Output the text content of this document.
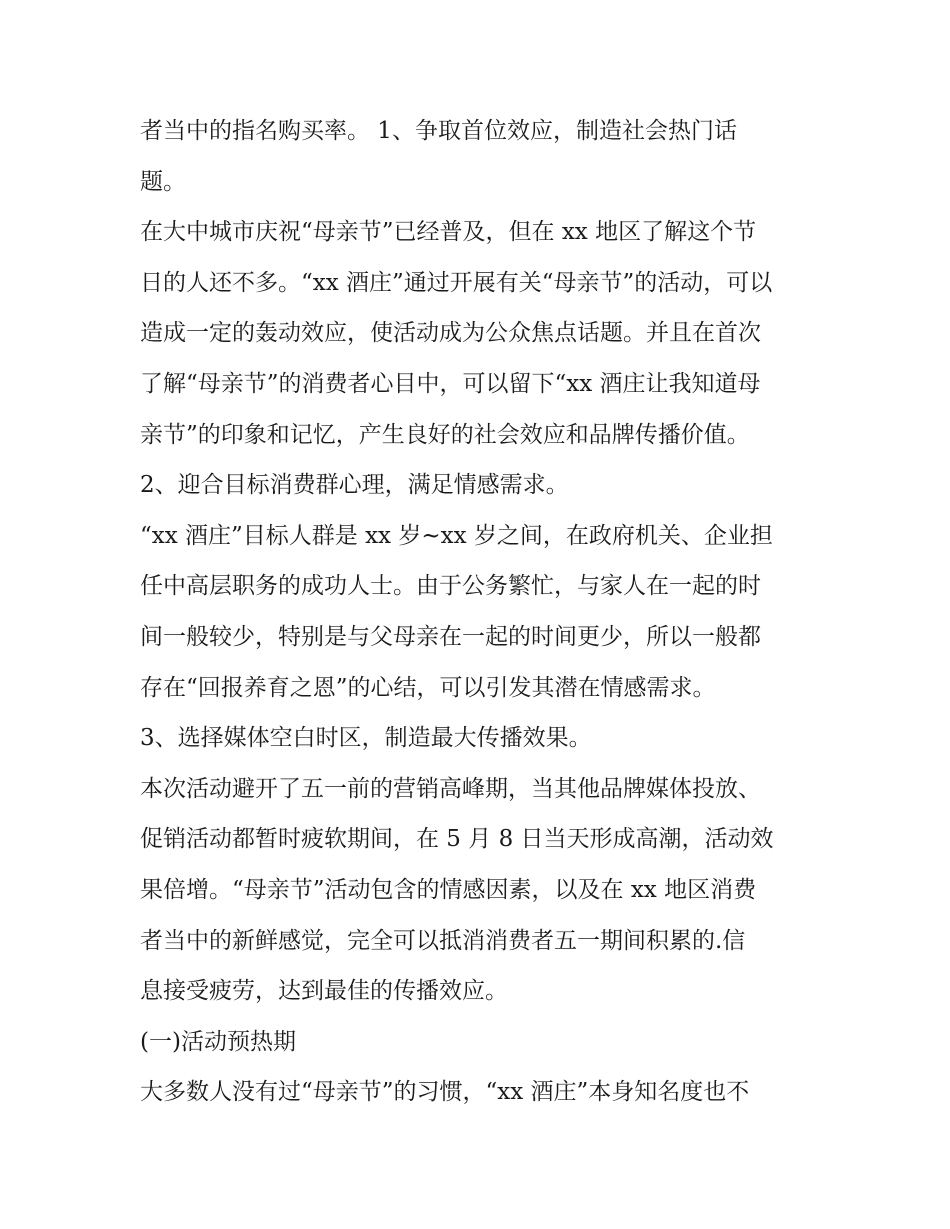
者当中的指名购买率。 1、争取首位效应，制造社会热门话

题。

在大中城市庆祝“母亲节”已经普及，但在 xx 地区了解这个节

日的人还不多。“xx 酒庄”通过开展有关“母亲节”的活动，可以

造成一定的轰动效应，使活动成为公众焦点话题。并且在首次

了解“母亲节”的消费者心目中，可以留下“xx 酒庄让我知道母

亲节”的印象和记忆，产生良好的社会效应和品牌传播价值。

2、迎合目标消费群心理，满足情感需求。

“xx 酒庄”目标人群是 xx 岁~xx 岁之间，在政府机关、企业担

任中高层职务的成功人士。由于公务繁忙，与家人在一起的时

间一般较少，特别是与父母亲在一起的时间更少，所以一般都

存在“回报养育之恩”的心结，可以引发其潜在情感需求。

3、选择媒体空白时区，制造最大传播效果。

本次活动避开了五一前的营销高峰期，当其他品牌媒体投放、

促销活动都暂时疲软期间，在 5 月 8 日当天形成高潮，活动效

果倍增。“母亲节”活动包含的情感因素，以及在 xx 地区消费

者当中的新鲜感觉，完全可以抵消消费者五一期间积累的.信

息接受疲劳，达到最佳的传播效应。

(一)活动预热期

大多数人没有过“母亲节”的习惯，“xx 酒庄”本身知名度也不
